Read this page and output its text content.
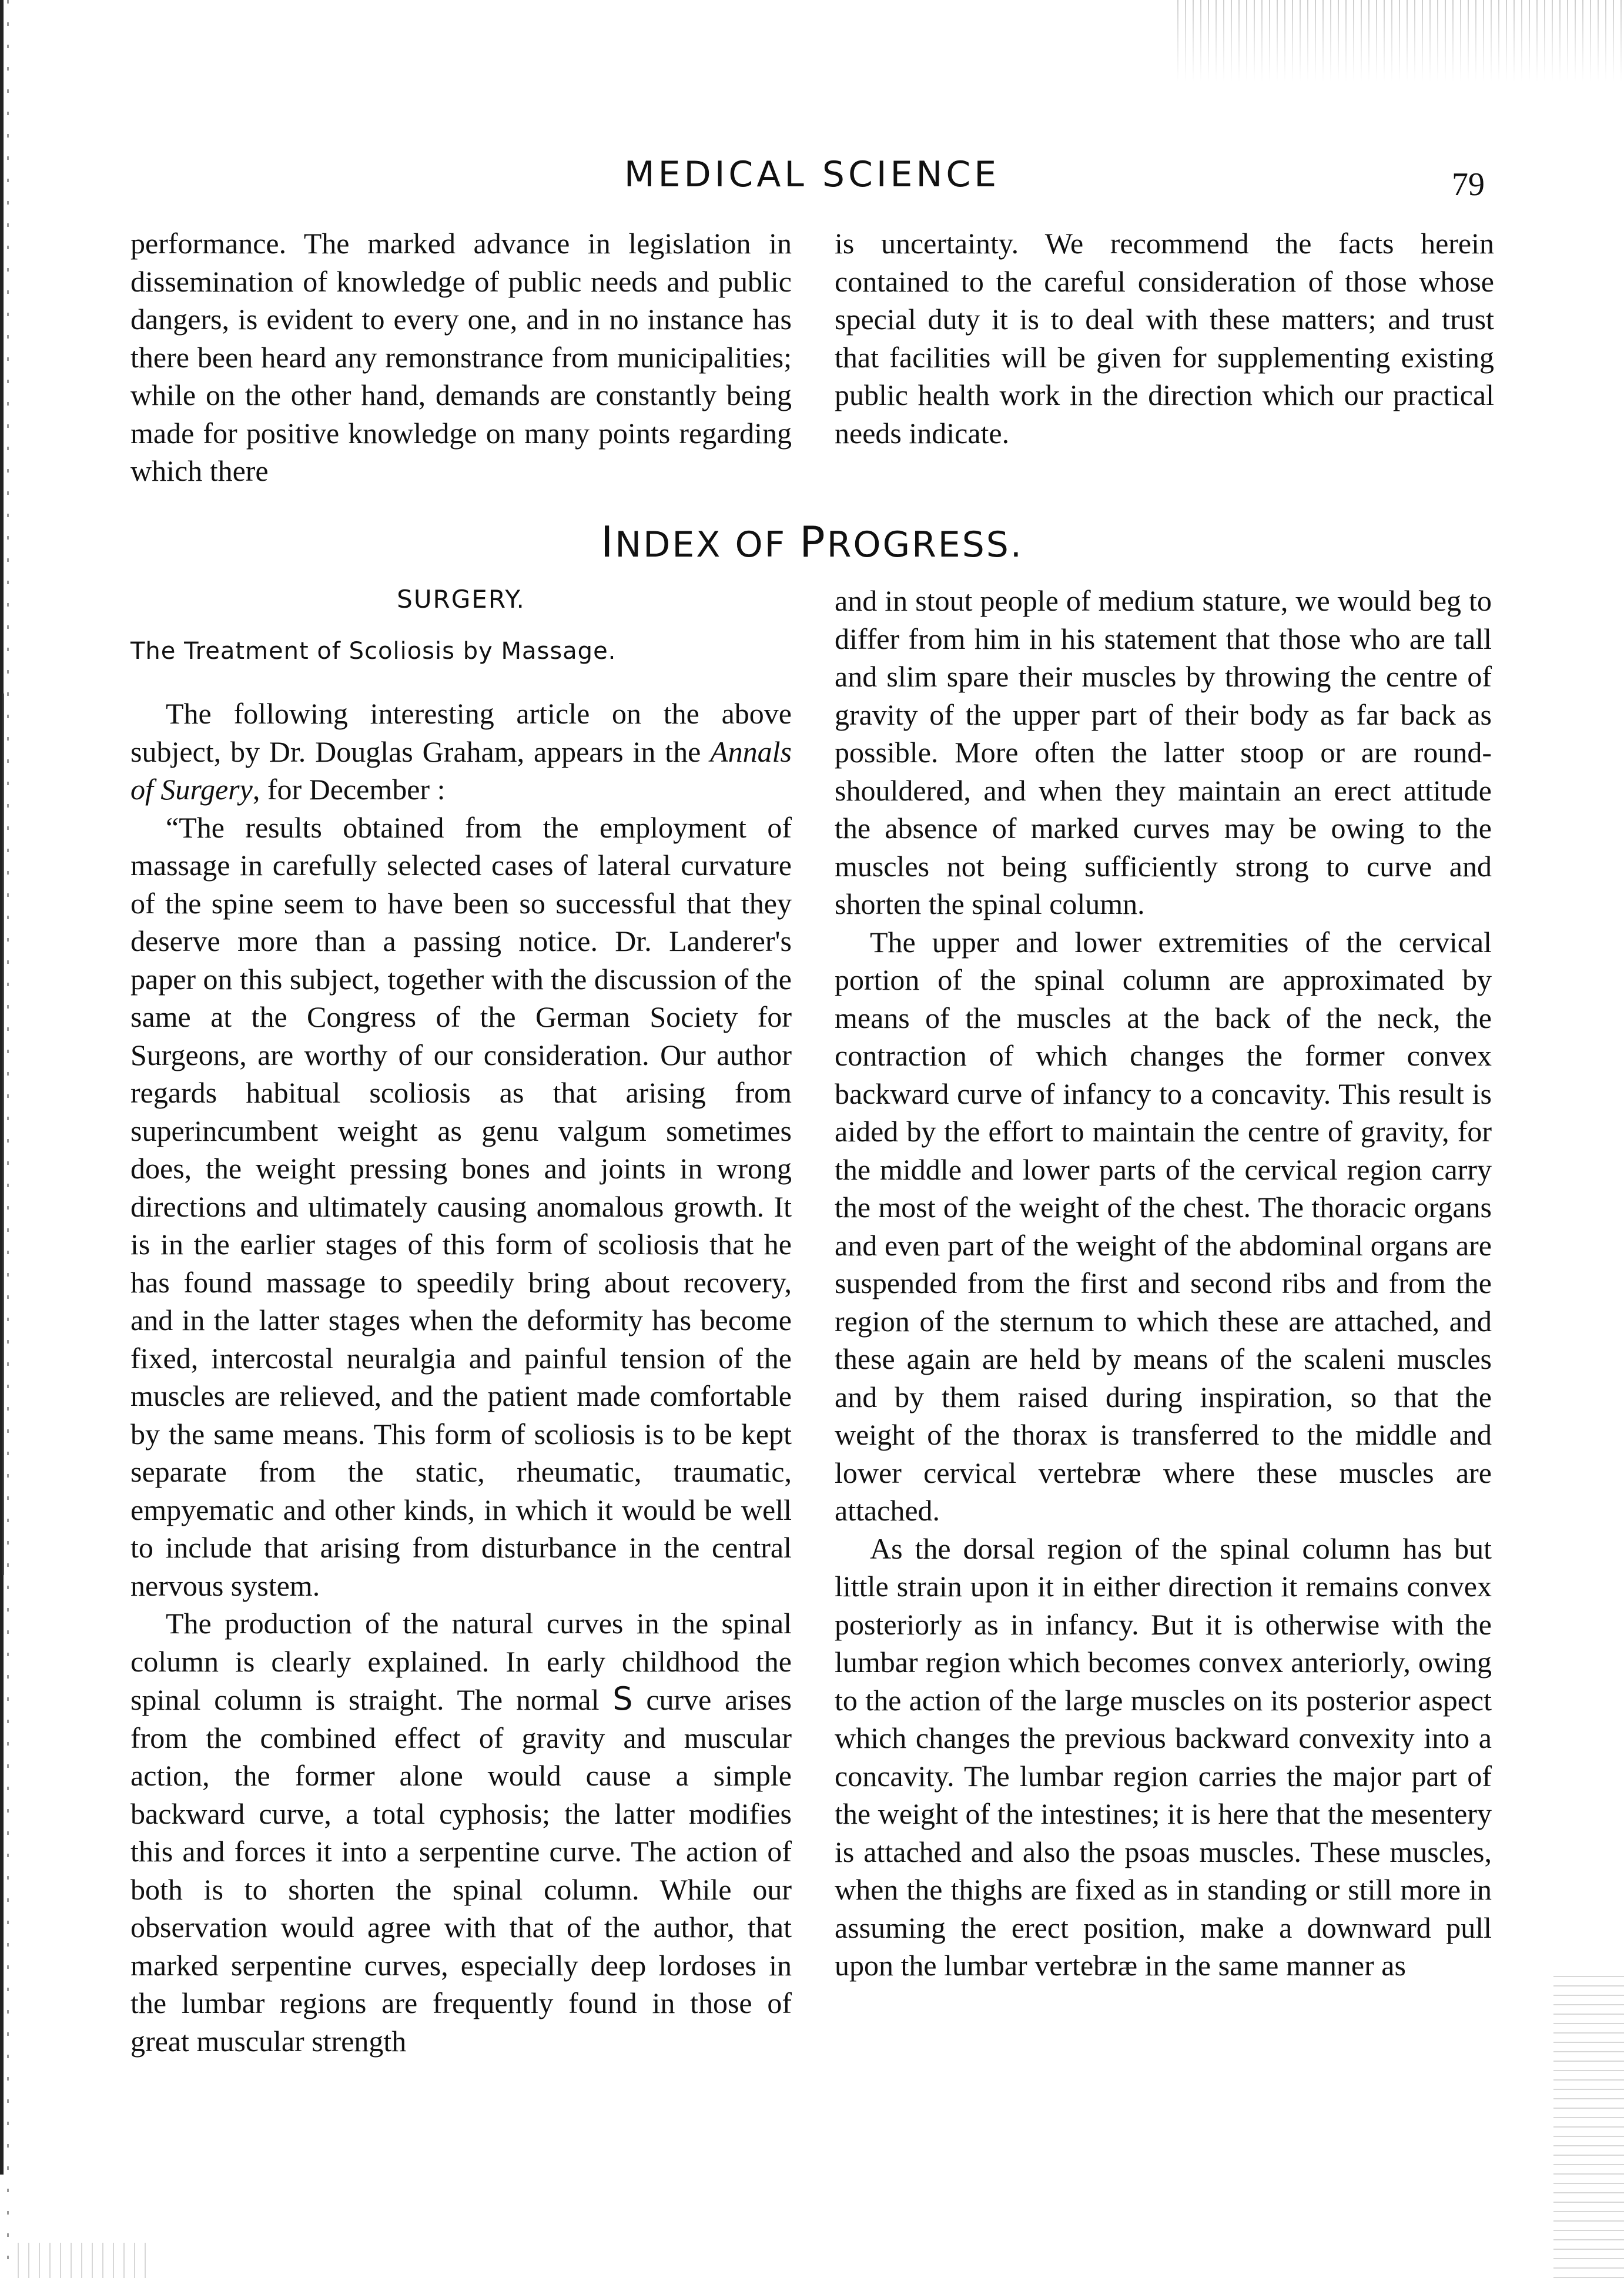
MEDICAL SCIENCE	79

performance. The marked advance in legislation in dissemination of knowledge of public needs and public dangers, is evident to every one, and in no instance has there been heard any remonstrance from municipalities; while on the other hand, demands are constantly being made for positive knowledge on many points regarding which there

is uncertainty. We recommend the facts herein contained to the careful consideration of those whose special duty it is to deal with these matters; and trust that facilities will be given for supplementing existing public health work in the direction which our practical needs indicate.

INDEX OF PROGRESS.
SURGERY.
The Treatment of Scoliosis by Massage.

The following interesting article on the above subject, by Dr. Douglas Graham, appears in the Annals of Surgery, for December :

“The results obtained from the employment of massage in carefully selected cases of lateral curvature of the spine seem to have been so successful that they deserve more than a passing notice. Dr. Landerer's paper on this subject, together with the discussion of the same at the Congress of the German Society for Surgeons, are worthy of our consideration. Our author regards habitual scoliosis as that arising from superincumbent weight as genu valgum sometimes does, the weight pressing bones and joints in wrong directions and ultimately causing anomalous growth. It is in the earlier stages of this form of scoliosis that he has found massage to speedily bring about recovery, and in the latter stages when the deformity has become fixed, intercostal neuralgia and painful tension of the muscles are relieved, and the patient made comfortable by the same means. This form of scoliosis is to be kept separate from the static, rheumatic, traumatic, empyematic and other kinds, in which it would be well to include that arising from disturbance in the central nervous system.

The production of the natural curves in the spinal column is clearly explained. In early childhood the spinal column is straight. The normal S curve arises from the combined effect of gravity and muscular action, the former alone would cause a simple backward curve, a total cyphosis; the latter modifies this and forces it into a serpentine curve. The action of both is to shorten the spinal column. While our observation would agree with that of the author, that marked serpentine curves, especially deep lordoses in the lumbar regions are frequently found in those of great muscular strength

and in stout people of medium stature, we would beg to differ from him in his statement that those who are tall and slim spare their muscles by throwing the centre of gravity of the upper part of their body as far back as possible. More often the latter stoop or are round-shouldered, and when they maintain an erect attitude the absence of marked curves may be owing to the muscles not being sufficiently strong to curve and shorten the spinal column.

The upper and lower extremities of the cervical portion of the spinal column are approximated by means of the muscles at the back of the neck, the contraction of which changes the former convex backward curve of infancy to a concavity. This result is aided by the effort to maintain the centre of gravity, for the middle and lower parts of the cervical region carry the most of the weight of the chest. The thoracic organs and even part of the weight of the abdominal organs are suspended from the first and second ribs and from the region of the sternum to which these are attached, and these again are held by means of the scaleni muscles and by them raised during inspiration, so that the weight of the thorax is transferred to the middle and lower cervical vertebræ where these muscles are attached.

As the dorsal region of the spinal column has but little strain upon it in either direction it remains convex posteriorly as in infancy. But it is otherwise with the lumbar region which becomes convex anteriorly, owing to the action of the large muscles on its posterior aspect which changes the previous backward convexity into a concavity. The lumbar region carries the major part of the weight of the intestines; it is here that the mesentery is attached and also the psoas muscles. These muscles, when the thighs are fixed as in standing or still more in assuming the erect position, make a downward pull upon the lumbar vertebræ in the same manner as
